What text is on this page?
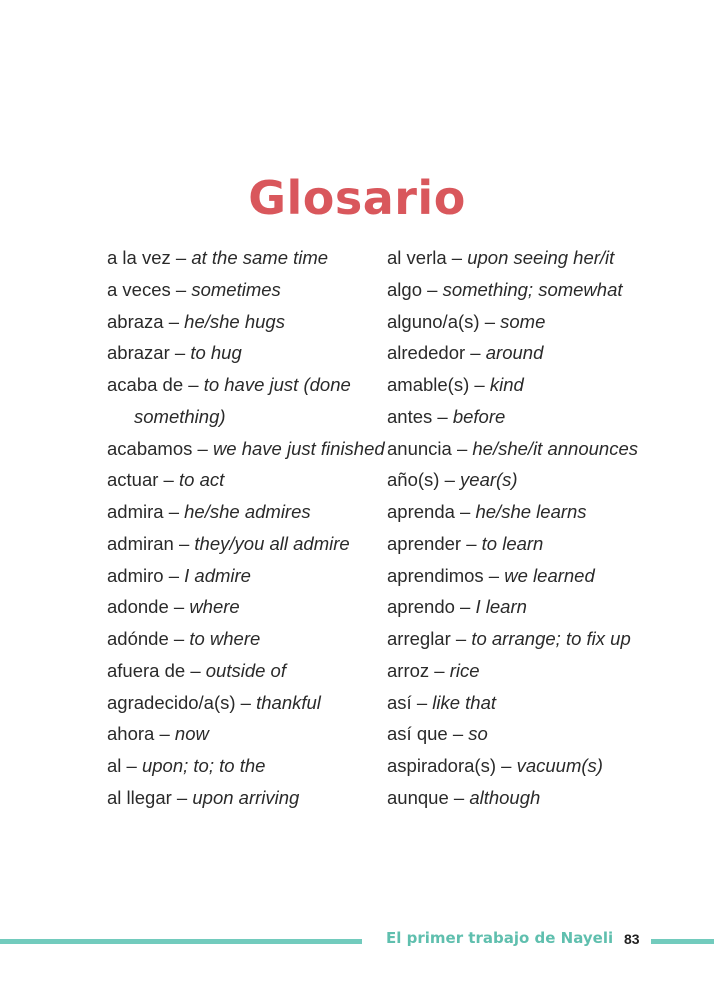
Glosario
a la vez – at the same time
a veces – sometimes
abraza – he/she hugs
abrazar – to hug
acaba de – to have just (done something)
acabamos – we have just finished
actuar – to act
admira – he/she admires
admiran – they/you all admire
admiro – I admire
adonde – where
adónde – to where
afuera de – outside of
agradecido/a(s) – thankful
ahora – now
al – upon; to; to the
al llegar – upon arriving
al verla – upon seeing her/it
algo – something; somewhat
alguno/a(s) – some
alrededor – around
amable(s) – kind
antes – before
anuncia – he/she/it announces
año(s) – year(s)
aprenda – he/she learns
aprender – to learn
aprendimos – we learned
aprendo – I learn
arreglar – to arrange; to fix up
arroz – rice
así – like that
así que – so
aspiradora(s) – vacuum(s)
aunque – although
El primer trabajo de Nayeli 83
